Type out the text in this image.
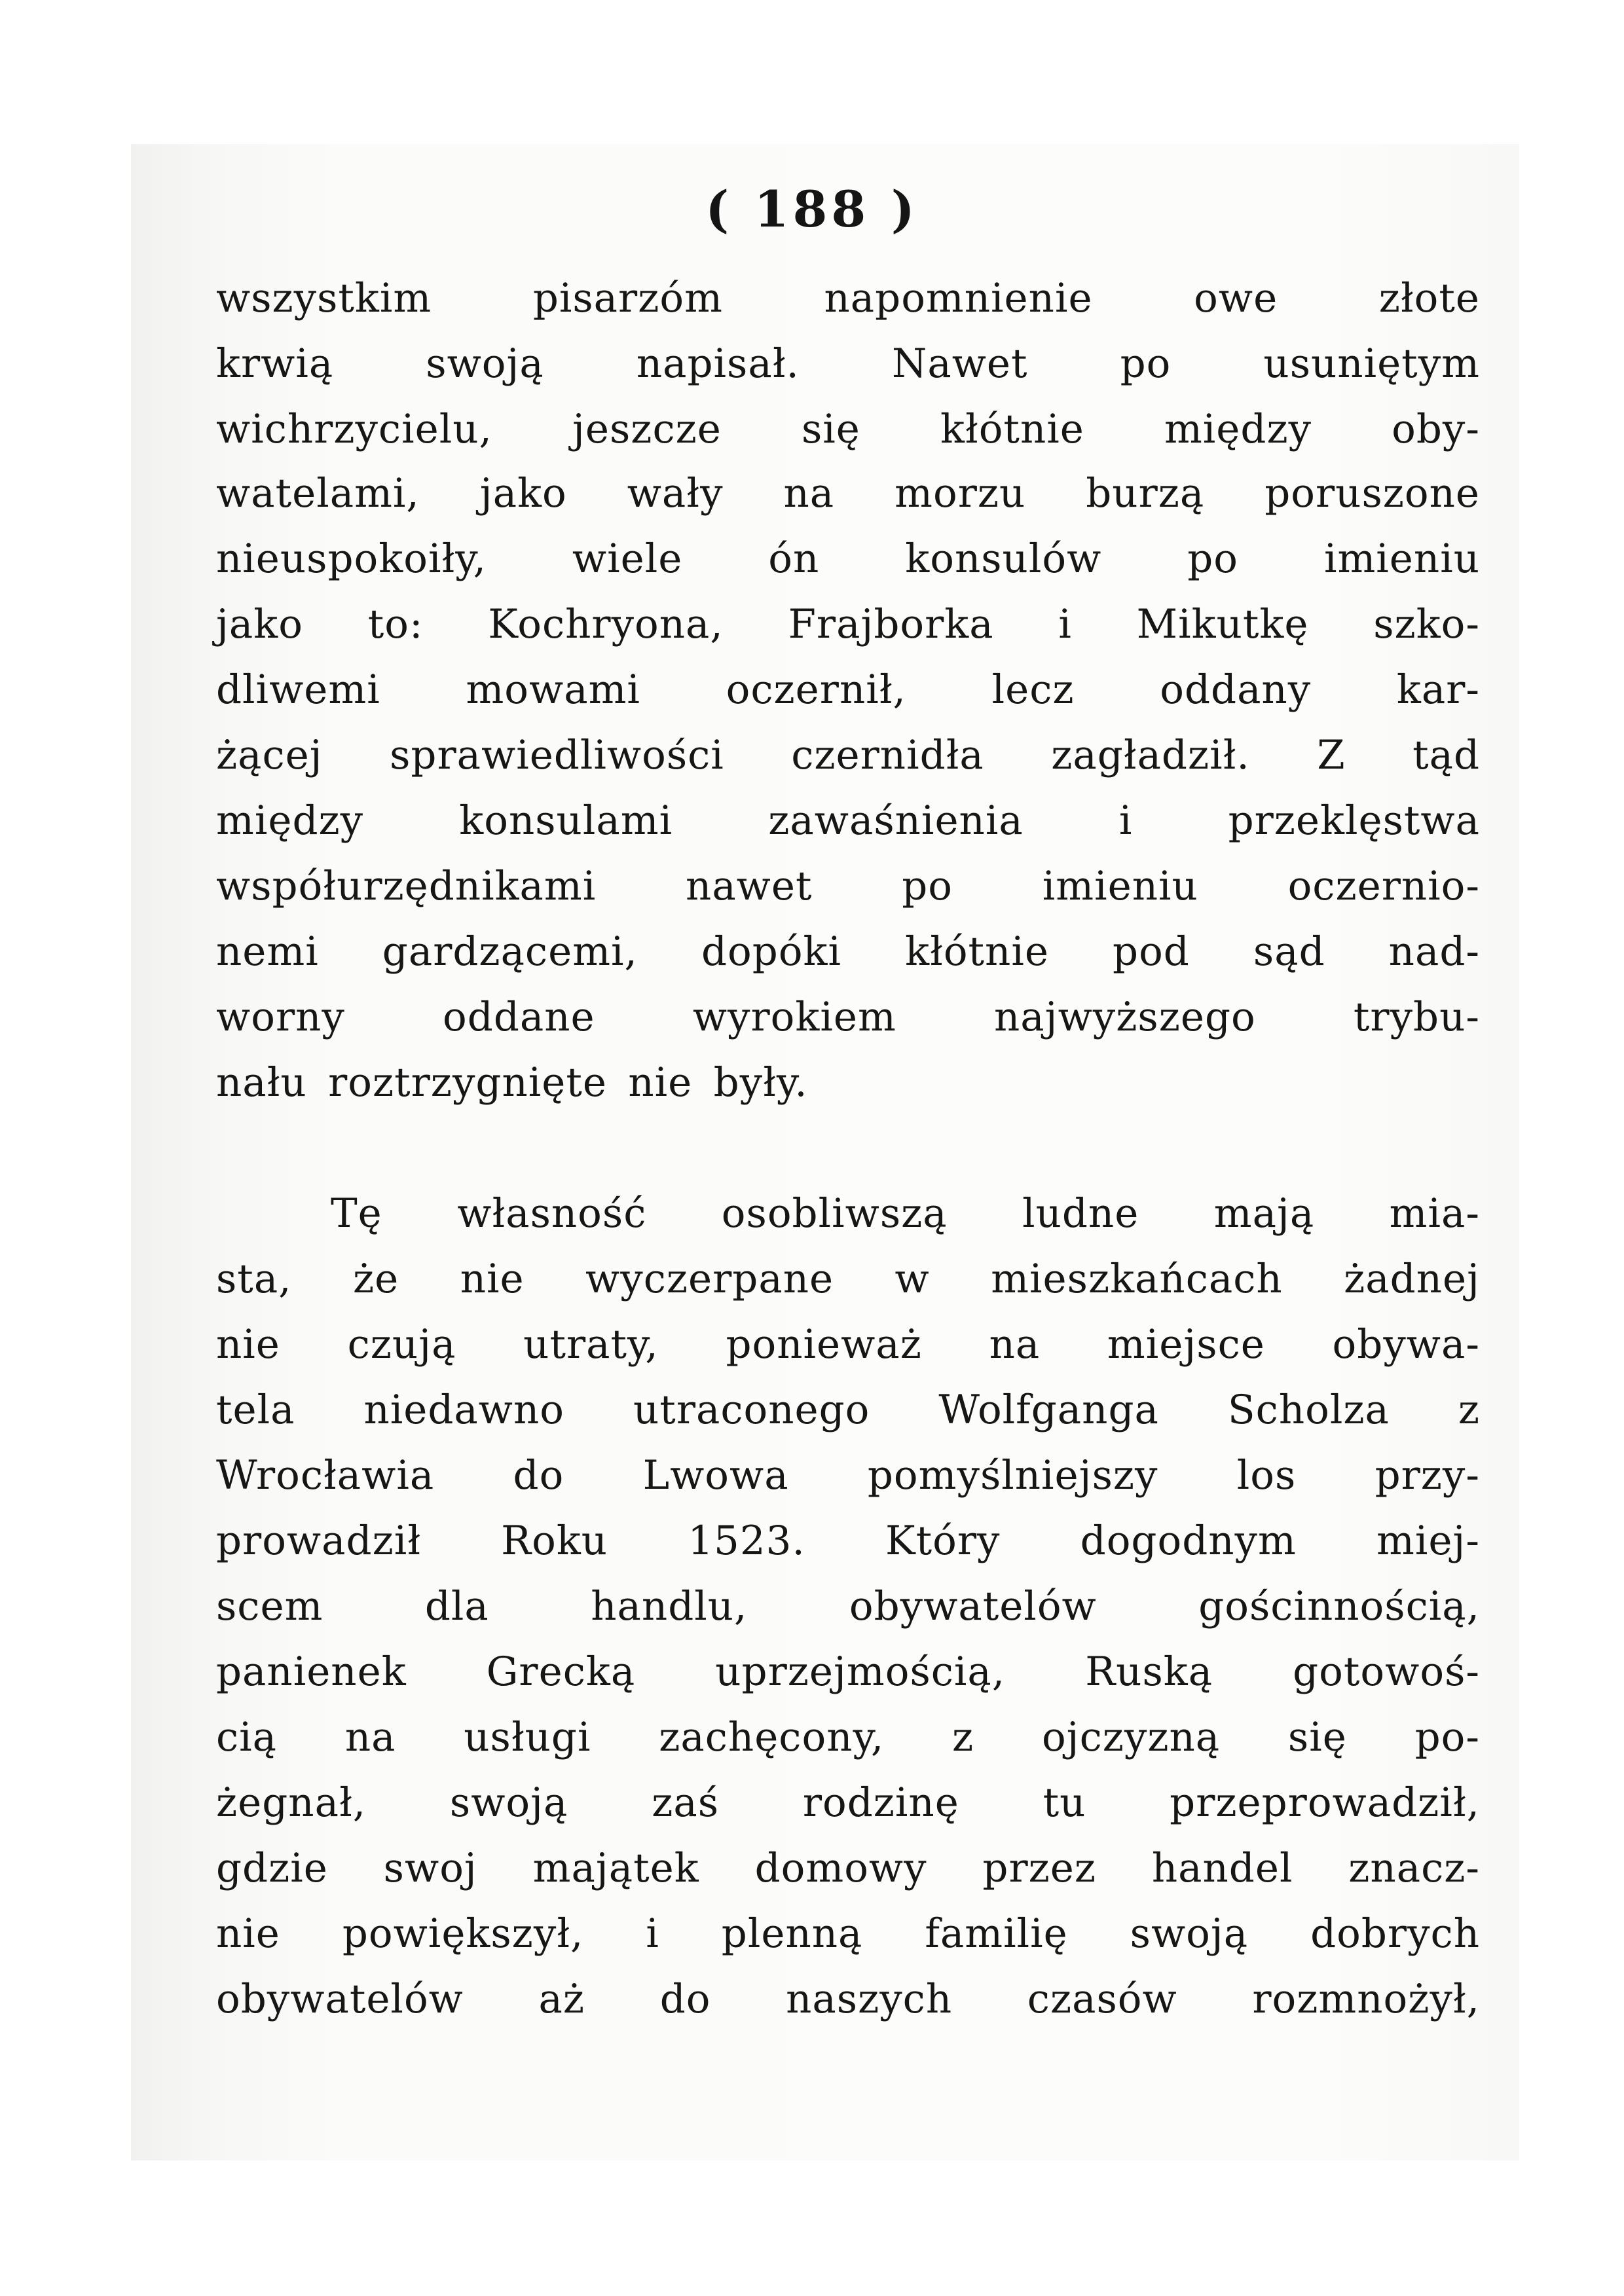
( 188 )
wszystkim pisarzóm napomnienie owe złote
krwią swoją napisał. Nawet po usuniętym
wichrzycielu, jeszcze się kłótnie między oby-
watelami, jako wały na morzu burzą poruszone
nieuspokoiły, wiele ón konsulów po imieniu
jako to: Kochryona, Frajborka i Mikutkę szko-
dliwemi mowami oczernił, lecz oddany kar-
żącej sprawiedliwości czernidła zagładził. Z tąd
między konsulami zawaśnienia i przeklęstwa
współurzędnikami nawet po imieniu oczernio-
nemi gardzącemi, dopóki kłótnie pod sąd nad-
worny oddane wyrokiem najwyższego trybu-
nału roztrzygnięte nie były.
Tę własność osobliwszą ludne mają mia-
sta, że nie wyczerpane w mieszkańcach żadnej
nie czują utraty, ponieważ na miejsce obywa-
tela niedawno utraconego Wolfganga Scholza z
Wrocławia do Lwowa pomyślniejszy los przy-
prowadził Roku 1523. Który dogodnym miej-
scem dla handlu, obywatelów gościnnością,
panienek Grecką uprzejmością, Ruską gotowoś-
cią na usługi zachęcony, z ojczyzną się po-
żegnał, swoją zaś rodzinę tu przeprowadził,
gdzie swoj majątek domowy przez handel znacz-
nie powiększył, i plenną familię swoją dobrych
obywatelów aż do naszych czasów rozmnożył,
